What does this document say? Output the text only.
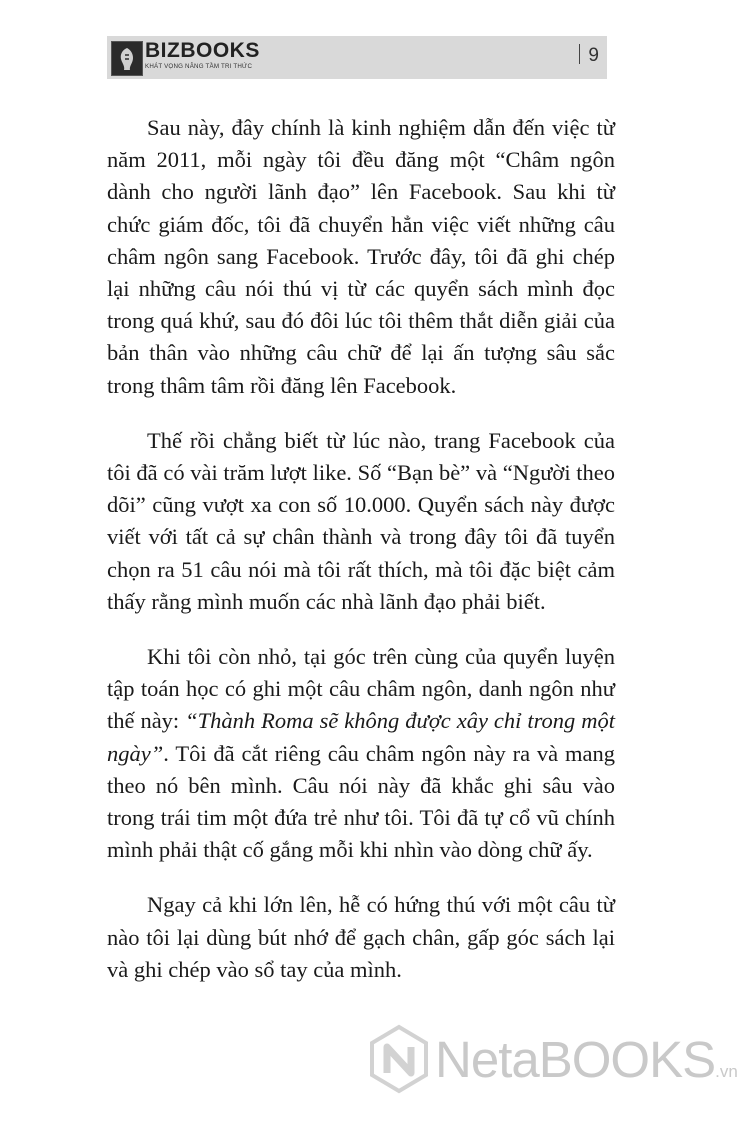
BIZBOOKS
KHÁT VỌNG NÂNG TẦM TRI THỨC
9

Sau này, đây chính là kinh nghiệm dẫn đến việc từ năm 2011, mỗi ngày tôi đều đăng một “Châm ngôn dành cho người lãnh đạo” lên Facebook. Sau khi từ chức giám đốc, tôi đã chuyển hẳn việc viết những câu châm ngôn sang Facebook. Trước đây, tôi đã ghi chép lại những câu nói thú vị từ các quyển sách mình đọc trong quá khứ, sau đó đôi lúc tôi thêm thắt diễn giải của bản thân vào những câu chữ để lại ấn tượng sâu sắc trong thâm tâm rồi đăng lên Facebook.

Thế rồi chẳng biết từ lúc nào, trang Facebook của tôi đã có vài trăm lượt like. Số “Bạn bè” và “Người theo dõi” cũng vượt xa con số 10.000. Quyển sách này được viết với tất cả sự chân thành và trong đây tôi đã tuyển chọn ra 51 câu nói mà tôi rất thích, mà tôi đặc biệt cảm thấy rằng mình muốn các nhà lãnh đạo phải biết.

Khi tôi còn nhỏ, tại góc trên cùng của quyển luyện tập toán học có ghi một câu châm ngôn, danh ngôn như thế này: “Thành Roma sẽ không được xây chỉ trong một ngày”. Tôi đã cắt riêng câu châm ngôn này ra và mang theo nó bên mình. Câu nói này đã khắc ghi sâu vào trong trái tim một đứa trẻ như tôi. Tôi đã tự cổ vũ chính mình phải thật cố gắng mỗi khi nhìn vào dòng chữ ấy.

Ngay cả khi lớn lên, hễ có hứng thú với một câu từ nào tôi lại dùng bút nhớ để gạch chân, gấp góc sách lại và ghi chép vào sổ tay của mình.

NetaBOOKS.vn
